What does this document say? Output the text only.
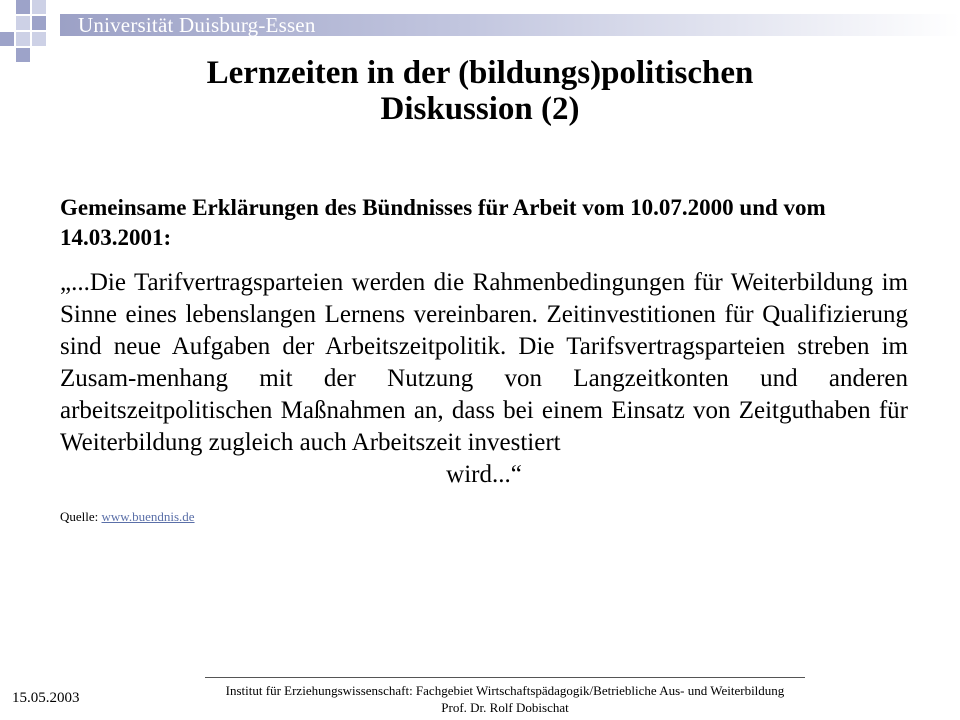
Universität Duisburg-Essen
Lernzeiten in der (bildungs)politischen
Diskussion (2)

Gemeinsame Erklärungen des Bündnisses für Arbeit vom 10.07.2000 und vom 14.03.2001:

„...Die Tarifvertragsparteien werden die Rahmenbedingungen für Weiterbildung im Sinne eines lebenslangen Lernens vereinbaren. Zeitinvestitionen für Qualifizierung sind neue Aufgaben der Arbeitszeitpolitik. Die Tarifsvertragsparteien streben im Zusam-menhang mit der Nutzung von Langzeitkonten und anderen arbeitszeitpolitischen Maßnahmen an, dass bei einem Einsatz von Zeitguthaben für Weiterbildung zugleich auch Arbeitszeit investiert

wird...“

Quelle: www.buendnis.de

Institut für Erziehungswissenschaft: Fachgebiet Wirtschaftspädagogik/Betriebliche Aus- und Weiterbildung
Prof. Dr. Rolf Dobischat
15.05.2003
